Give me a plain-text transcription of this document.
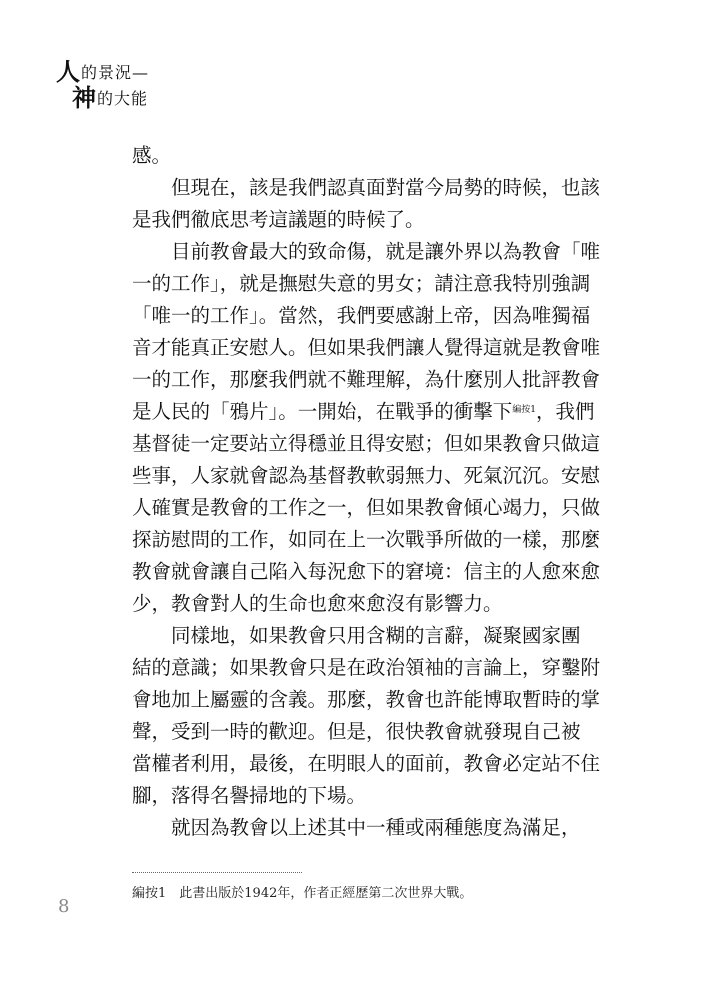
人的景況—
神的大能
感。
　　但現在，該是我們認真面對當今局勢的時候，也該
是我們徹底思考這議題的時候了。
　　目前教會最大的致命傷，就是讓外界以為教會「唯
一的工作」，就是撫慰失意的男女；請注意我特別強調
「唯一的工作」。當然，我們要感謝上帝，因為唯獨福
音才能真正安慰人。但如果我們讓人覺得這就是教會唯
一的工作，那麼我們就不難理解，為什麼別人批評教會
是人民的「鴉片」。一開始，在戰爭的衝擊下$^{編按1}$，我們
基督徒一定要站立得穩並且得安慰；但如果教會只做這
些事，人家就會認為基督教軟弱無力、死氣沉沉。安慰
人確實是教會的工作之一，但如果教會傾心竭力，只做
探訪慰問的工作，如同在上一次戰爭所做的一樣，那麼
教會就會讓自己陷入每況愈下的窘境：信主的人愈來愈
少，教會對人的生命也愈來愈沒有影響力。
　　同樣地，如果教會只用含糊的言辭，凝聚國家團
結的意識；如果教會只是在政治領袖的言論上，穿鑿附
會地加上屬靈的含義。那麼，教會也許能博取暫時的掌
聲，受到一時的歡迎。但是，很快教會就發現自己被
當權者利用，最後，在明眼人的面前，教會必定站不住
腳，落得名譽掃地的下場。
　　就因為教會以上述其中一種或兩種態度為滿足，
編按1　此書出版於1942年，作者正經歷第二次世界大戰。
8
